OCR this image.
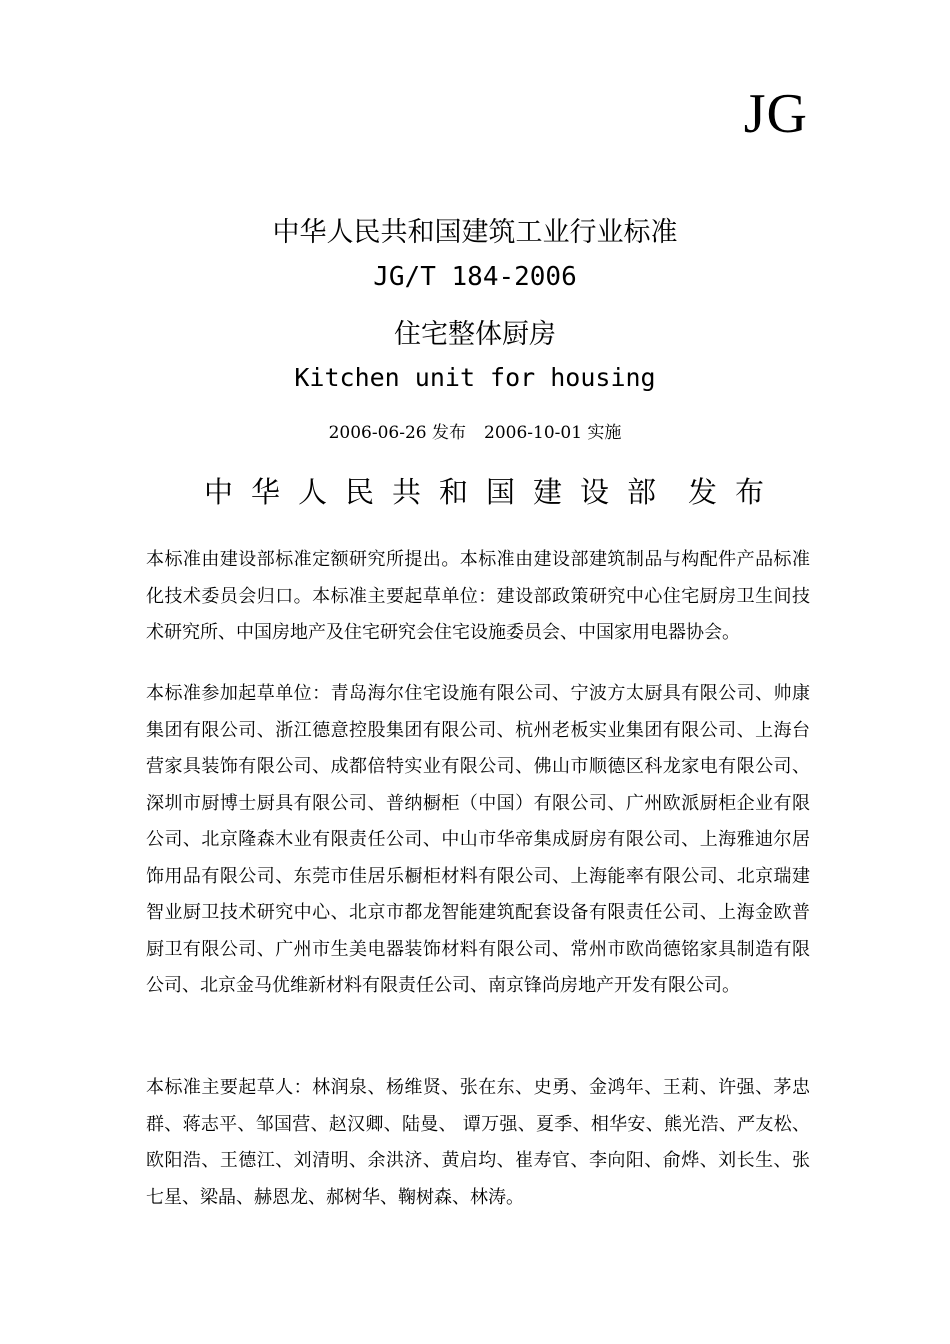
JG
中华人民共和国建筑工业行业标准
JG/T 184-2006
住宅整体厨房
Kitchen unit for housing
2006-06-26 发布 2006-10-01 实施
中华人民共和国建设部 发布

本标准由建设部标准定额研究所提出。本标准由建设部建筑制品与构配件产品标准化技术委员会归口。本标准主要起草单位：建设部政策研究中心住宅厨房卫生间技术研究所、中国房地产及住宅研究会住宅设施委员会、中国家用电器协会。

本标准参加起草单位：青岛海尔住宅设施有限公司、宁波方太厨具有限公司、帅康集团有限公司、浙江德意控股集团有限公司、杭州老板实业集团有限公司、上海台营家具装饰有限公司、成都倍特实业有限公司、佛山市顺德区科龙家电有限公司、深圳市厨博士厨具有限公司、普纳橱柜（中国）有限公司、广州欧派厨柜企业有限公司、北京隆森木业有限责任公司、中山市华帝集成厨房有限公司、上海雅迪尔居饰用品有限公司、东莞市佳居乐橱柜材料有限公司、上海能率有限公司、北京瑞建智业厨卫技术研究中心、北京市都龙智能建筑配套设备有限责任公司、上海金欧普厨卫有限公司、广州市生美电器装饰材料有限公司、常州市欧尚德铭家具制造有限公司、北京金马优维新材料有限责任公司、南京锋尚房地产开发有限公司。

本标准主要起草人：林润泉、杨维贤、张在东、史勇、金鸿年、王莉、许强、茅忠群、蒋志平、邹国营、赵汉卿、陆曼、 谭万强、夏季、相华安、熊光浩、严友松、欧阳浩、王德江、刘清明、余洪济、黄启均、崔寿官、李向阳、俞烨、刘长生、张七星、梁晶、赫恩龙、郝树华、鞠树森、林涛。
